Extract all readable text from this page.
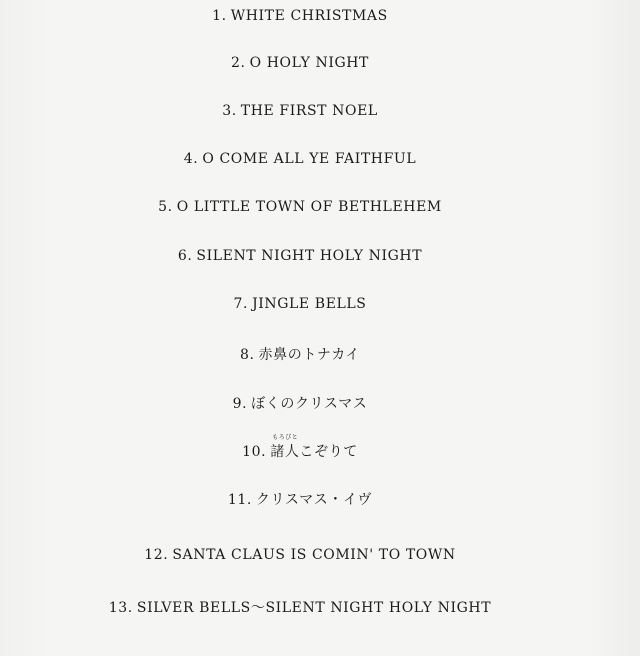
1. WHITE CHRISTMAS
2. O HOLY NIGHT
3. THE FIRST NOEL
4. O COME ALL YE FAITHFUL
5. O LITTLE TOWN OF BETHLEHEM
6. SILENT NIGHT HOLY NIGHT
7. JINGLE BELLS
8. 赤鼻のトナカイ
9. ぼくのクリスマス
10.
もろびと
諸人こぞりて
11. クリスマス・イヴ
12. SANTA CLAUS IS COMIN' TO TOWN
13. SILVER BELLS～SILENT NIGHT HOLY NIGHT
